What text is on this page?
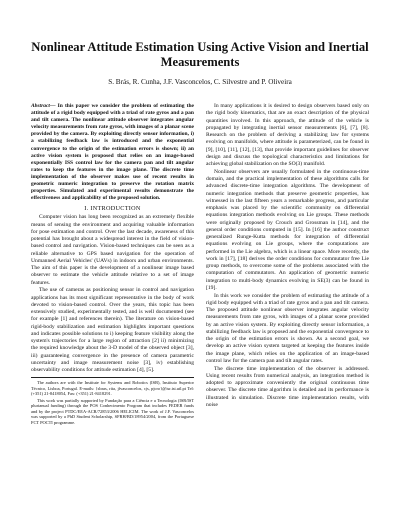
Nonlinear Attitude Estimation Using Active Vision and Inertial Measurements
S. Brás, R. Cunha, J.F. Vasconcelos, C. Silvestre and P. Oliveira

Abstract— In this paper we consider the problem of estimating the attitude of a rigid body equipped with a triad of rate gyros and a pan and tilt camera. The nonlinear attitude observer integrates angular velocity measurements from rate gyros, with images of a planar scene provided by the camera. By exploiting directly sensor information, i) a stabilizing feedback law is introduced and the exponential convergence to the origin of the estimation errors is shown; ii) an active vision system is proposed that relies on an image-based exponentially ISS control law for the camera pan and tilt angular rates to keep the features in the image plane. The discrete time implementation of the observer makes use of recent results in geometric numeric integration to preserve the rotation matrix properties. Simulated and experimental results demonstrate the effectiveness and applicability of the proposed solution.

I. INTRODUCTION

Computer vision has long been recognized as an extremely flexible means of sensing the environment and acquiring valuable information for pose estimation and control. Over the last decade, awareness of this potential has brought about a widespread interest in the field of vision-based control and navigation. Vision-based techniques can be seen as a reliable alternative to GPS based navigation for the operation of Unmanned Aerial Vehicles' (UAVs) in indoors and urban environments. The aim of this paper is the development of a nonlinear image based observer to estimate the vehicle attitude relative to a set of image features.

The use of cameras as positioning sensor in control and navigation applications has its most significant representative in the body of work devoted to vision-based control. Over the years, this topic has been extensively studied, experimentally tested, and is well documented (see for example [1] and references therein). The literature on vision-based rigid-body stabilization and estimation highlights important questions and indicates possible solutions to i) keeping feature visibility along the system's trajectories for a large region of attraction [2] ii) minimizing the required knowledge about the 3-D model of the observed object [3], iii) guaranteeing convergence in the presence of camera parametric uncertainty and image measurement noise [3], iv) establishing observability conditions for attitude estimation [4], [5].

The authors are with the Institute for Systems and Robotics (ISR), Instituto Superior Técnico, Lisboa, Portugal. E-mails: {sbras, rita, jfvasconcelos, cjs, pjcro}@isr.ist.utl.pt Tel: (+351) 21-8418054, Fax: (+351) 21-8418291.

This work was partially supported by Fundação para a Ciência e a Tecnologia (ISR/IST plurianual funding) through the POS Conhecimento Program that includes FEDER funds and by the project PTDC/EEA-ACR/72853/2006 HELICIM. The work of J.F. Vasconcelos was supported by a PhD Student Scholarship, SFRH/BD/18954/2004, from the Portuguese FCT POCTI programme.

In many applications it is desired to design observers based only on the rigid body kinematics, that are an exact description of the physical quantities involved. In this approach, the attitude of the vehicle is propagated by integrating inertial sensor measurements [6], [7], [8]. Research on the problem of deriving a stabilizing law for systems evolving on manifolds, where attitude is parameterized, can be found in [9], [10], [11], [12], [13], that provide important guidelines for observer design and discuss the topological characteristics and limitations for achieving global stabilization on the SO(3) manifold.

Nonlinear observers are usually formulated in the continuous-time domain, and the practical implementation of these algorithms calls for advanced discrete-time integration algorithms. The development of numeric integration methods that preserve geometric properties, has witnessed in the last fifteen years a remarkable progress, and particular emphasis was placed by the scientific community on differential equations integration methods evolving on Lie groups. These methods were originally proposed by Crouch and Grossman in [14], and the general order conditions computed in [15]. In [16] the author construct generalized Runge-Kutta methods for integration of differential equations evolving on Lie groups, where the computations are performed in the Lie algebra, which is a linear space. More recently, the work in [17], [18] derives the order conditions for commutator free Lie group methods, to overcome some of the problems associated with the computation of commutators. An application of geometric numeric integration to multi-body dynamics evolving in SE(3) can be found in [19].

In this work we consider the problem of estimating the attitude of a rigid body equipped with a triad of rate gyros and a pan and tilt camera. The proposed attitude nonlinear observer integrates angular velocity measurements from rate gyros, with images of a planar scene provided by an active vision system. By exploiting directly sensor information, a stabilizing feedback law is proposed and the exponential convergence to the origin of the estimation errors is shown. As a second goal, we develop an active vision system targeted at keeping the features inside the image plane, which relies on the application of an image-based control law for the camera pan and tilt angular rates.

The discrete time implementation of the observer is addressed. Using recent results from numerical analysis, an integration method is adopted to approximate conveniently the original continuous time observer. The discrete time algorithm is detailed and its performance is illustrated in simulation. Discrete time implementation results, with noise
